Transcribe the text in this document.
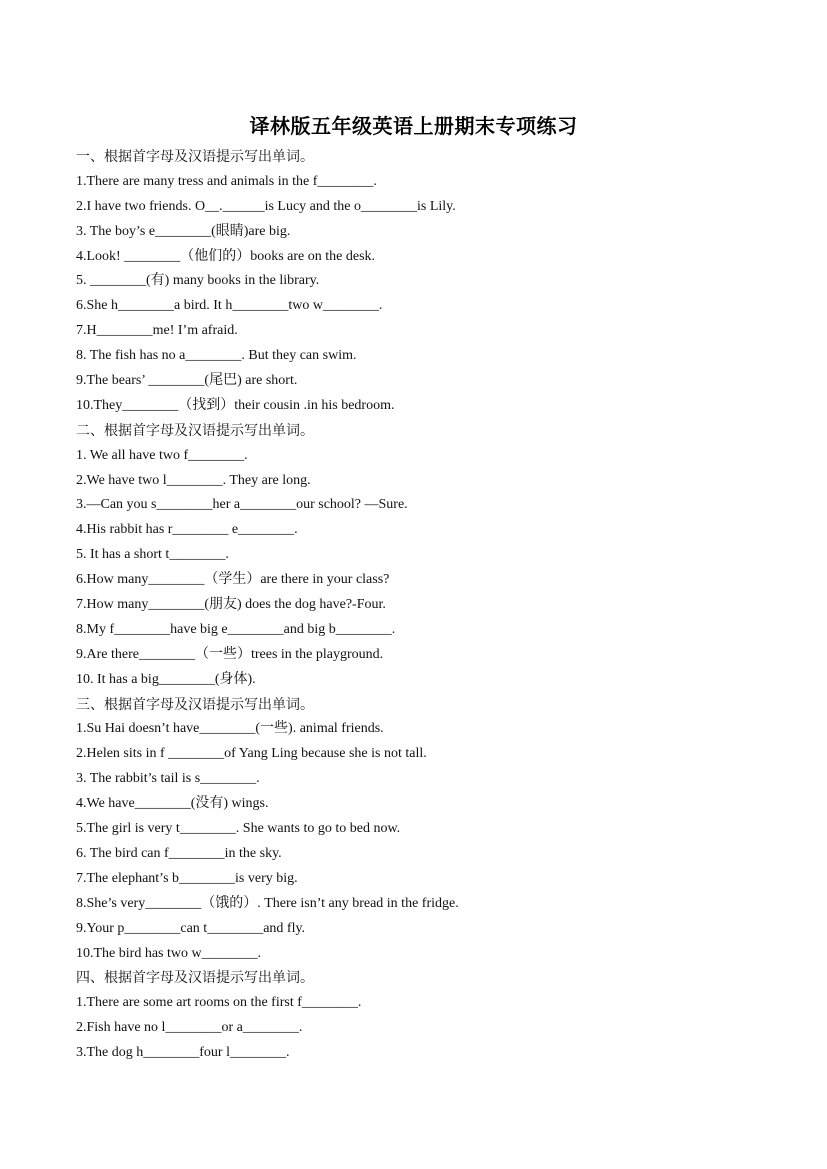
译林版五年级英语上册期末专项练习
一、根据首字母及汉语提示写出单词。
1.There are many tress and animals in the f________.
2.I have two friends. O__.______is Lucy and the o________is Lily.
3. The boy’s e________(眼睛)are big.
4.Look! ________（他们的）books are on the desk.
5. ________(有) many books in the library.
6.She h________a bird. It h________two w________.
7.H________me! I’m afraid.
8. The fish has no a________. But they can swim.
9.The bears’ ________(尾巴) are short.
10.They________（找到）their cousin .in his bedroom.
二、根据首字母及汉语提示写出单词。
1. We all have two f________.
2.We have two l________. They are long.
3.—Can you s________her a________our school? —Sure.
4.His rabbit has r________ e________.
5. It has a short t________.
6.How many________（学生）are there in your class?
7.How many________(朋友) does the dog have?-Four.
8.My f________have big e________and big b________.
9.Are there________（一些）trees in the playground.
10. It has a big________(身体).
三、根据首字母及汉语提示写出单词。
1.Su Hai doesn’t have________(一些). animal friends.
2.Helen sits in f ________of Yang Ling because she is not tall.
3. The rabbit’s tail is s________.
4.We have________(没有) wings.
5.The girl is very t________. She wants to go to bed now.
6. The bird can f________in the sky.
7.The elephant’s b________is very big.
8.She’s very________（饿的）. There isn’t any bread in the fridge.
9.Your p________can t________and fly.
10.The bird has two w________.
四、根据首字母及汉语提示写出单词。
1.There are some art rooms on the first f________.
2.Fish have no l________or a________.
3.The dog h________four l________.
